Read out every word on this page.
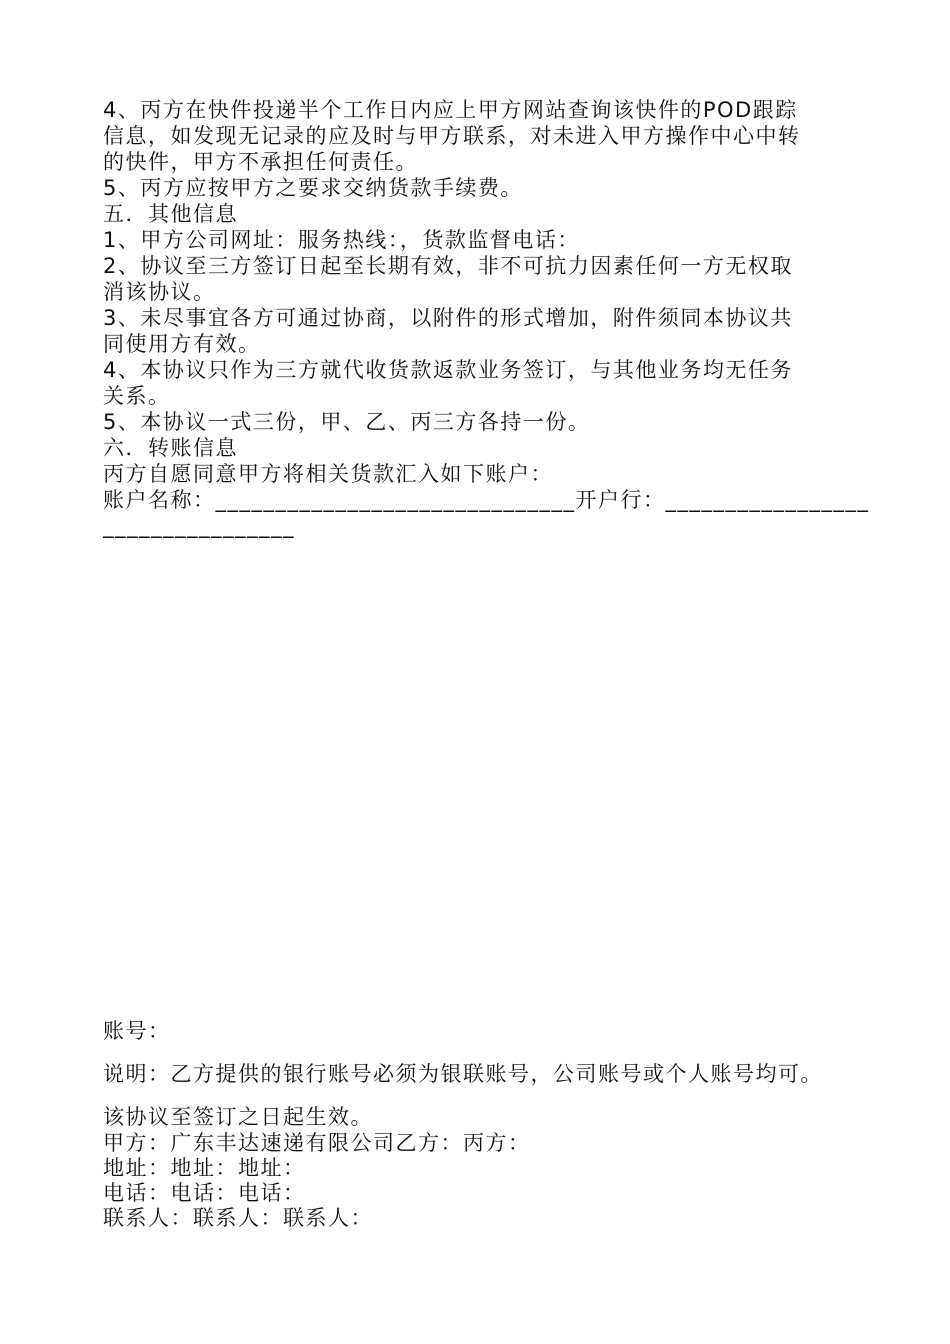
4、丙方在快件投递半个工作日内应上甲方网站查询该快件的POD跟踪
信息，如发现无记录的应及时与甲方联系，对未进入甲方操作中心中转
的快件，甲方不承担任何责任。
5、丙方应按甲方之要求交纳货款手续费。
五．其他信息
1、甲方公司网址：服务热线：，货款监督电话：
2、协议至三方签订日起至长期有效，非不可抗力因素任何一方无权取
消该协议。
3、未尽事宜各方可通过协商，以附件的形式增加，附件须同本协议共
同使用方有效。
4、本协议只作为三方就代收货款返款业务签订，与其他业务均无任务
关系。
5、本协议一式三份，甲、乙、丙三方各持一份。
六．转账信息
丙方自愿同意甲方将相关货款汇入如下账户：
账户名称：______________________________开户行：_________________
________________
账号：
说明：乙方提供的银行账号必须为银联账号，公司账号或个人账号均可。
该协议至签订之日起生效。
甲方：广东丰达速递有限公司乙方：丙方：
地址：地址：地址：
电话：电话：电话：
联系人：联系人：联系人：
